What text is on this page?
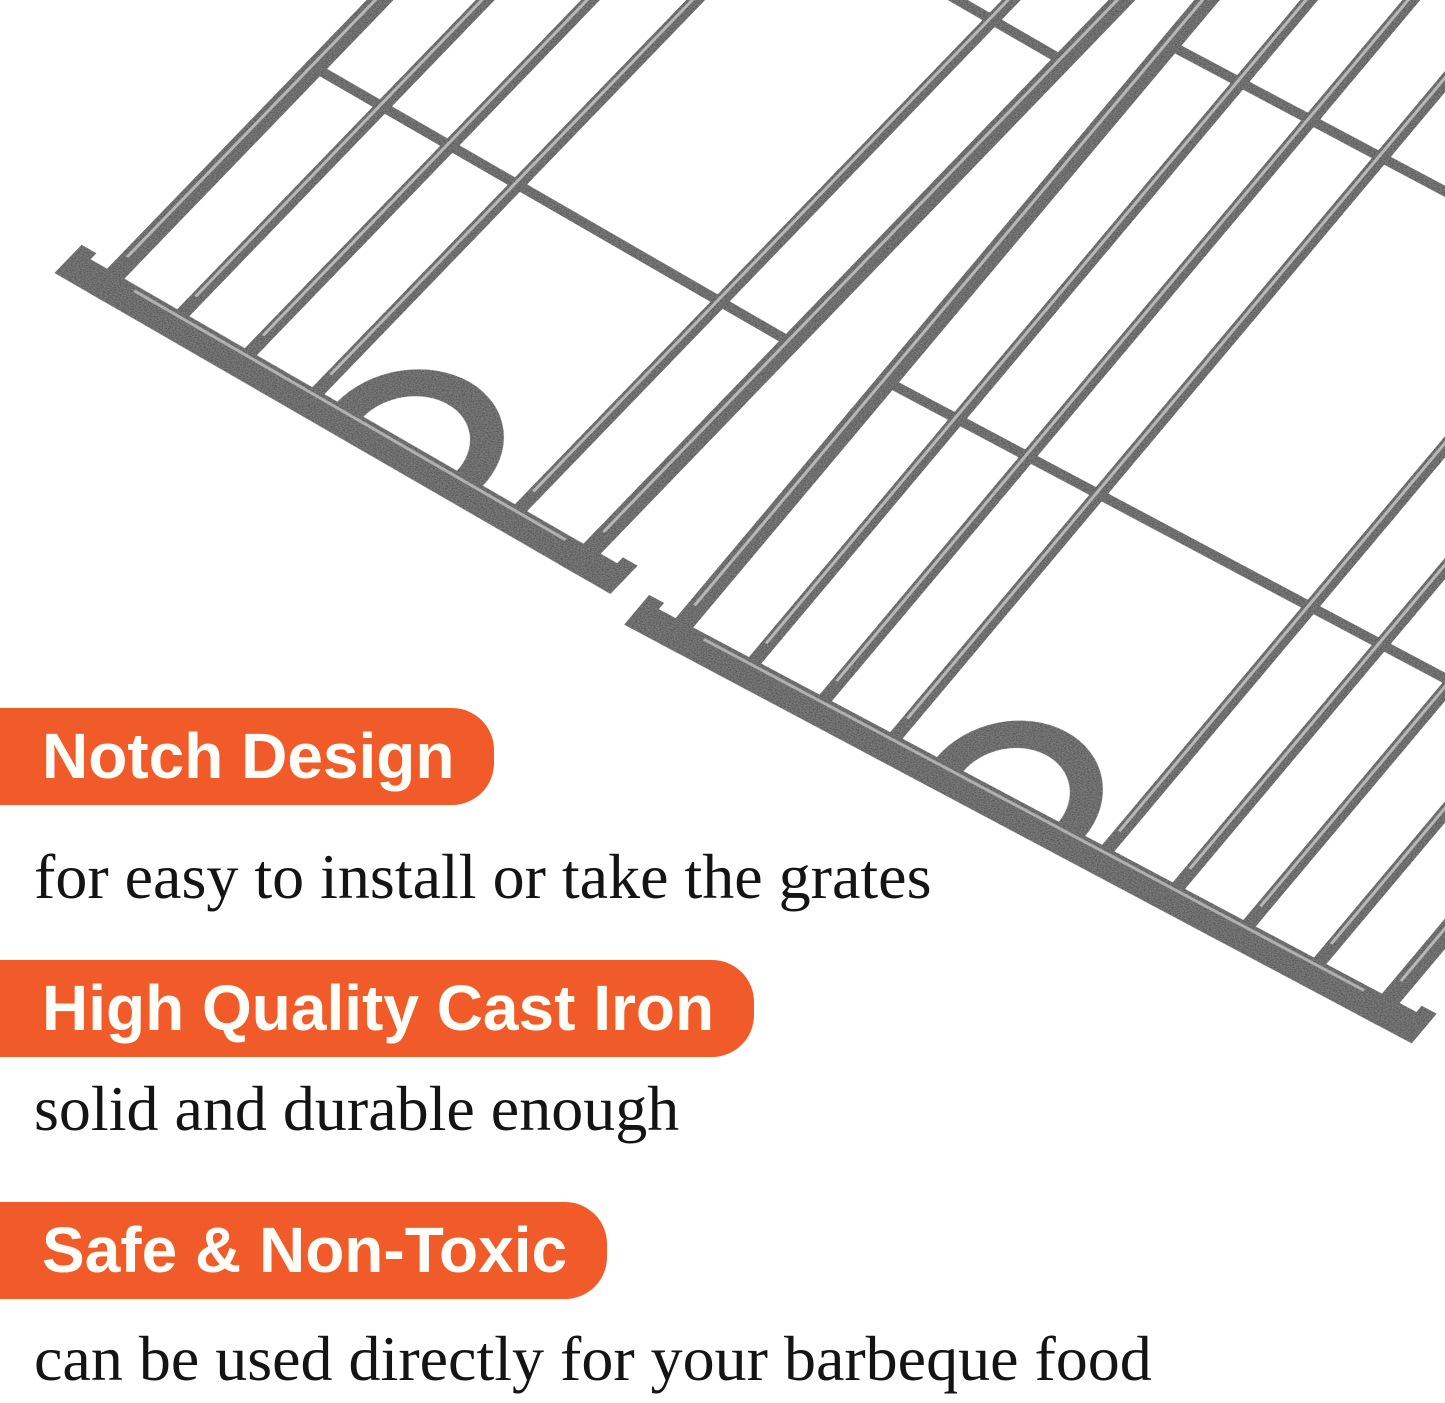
Notch Design
for easy to install or take the grates
High Quality Cast Iron
solid and durable enough
Safe & Non-Toxic
can be used directly for your barbeque food
